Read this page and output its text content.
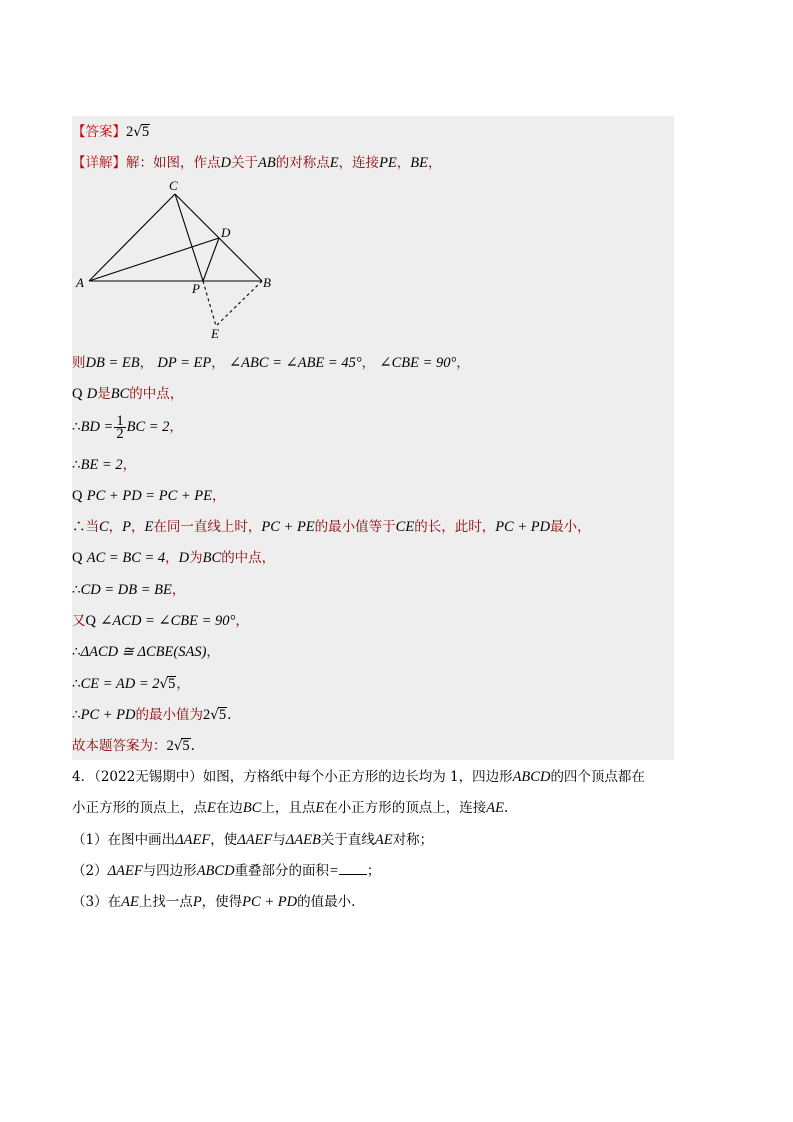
【答案】2√5
【详解】解：如图，作点D关于AB的对称点E，连接PE，BE，
C
D
A	B
P
E
则DB = EB， DP = EP， ∠ABC = ∠ABE = 45°， ∠CBE = 90°，
Q D是BC的中点，
∴BD = $\frac{1}{2}$ BC = 2，
∴BE = 2，
Q PC + PD = PC + PE，
∴当C，P，E在同一直线上时，PC + PE的最小值等于CE的长，此时，PC + PD最小，
Q AC = BC = 4，D为BC的中点，
∴CD = DB = BE，
又Q ∠ACD = ∠CBE = 90°，
∴ΔACD ≅ ΔCBE(SAS)，
∴CE = AD = 2√5，
∴PC + PD的最小值为2√5.
故本题答案为：2√5.
4．（2022无锡期中）如图，方格纸中每个小正方形的边长均为 1，四边形ABCD的四个顶点都在
小正方形的顶点上，点E在边BC上，且点E在小正方形的顶点上，连接AE.
（1）在图中画出ΔAEF，使ΔAEF与ΔAEB关于直线AE对称；
（2）ΔAEF与四边形ABCD重叠部分的面积= ；
（3）在AE上找一点P，使得PC + PD的值最小.
